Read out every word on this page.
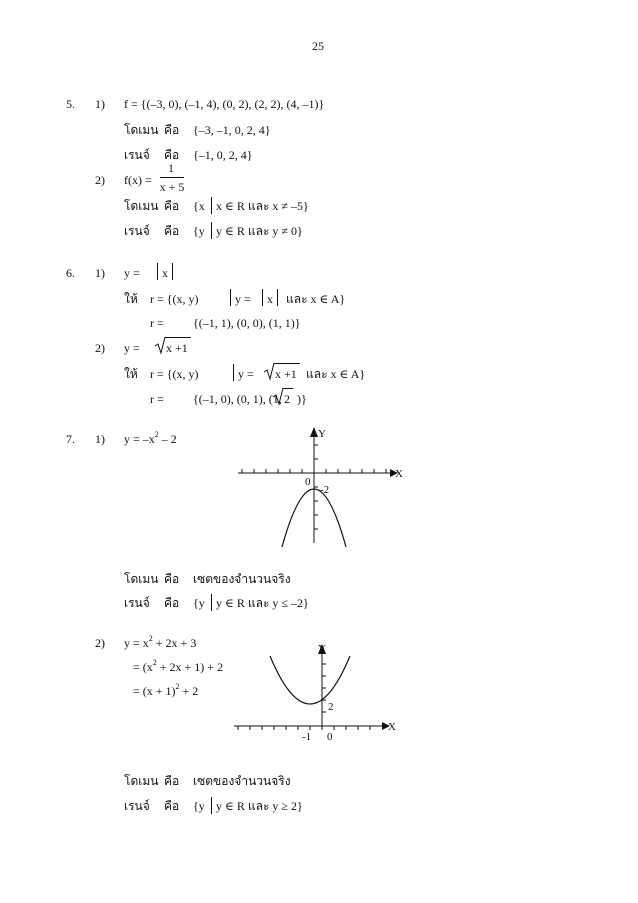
25
5. 1) f = {(–3, 0), (–1, 4), (0, 2), (2, 2), (4, –1)}
โดเมน คือ {–3, –1, 0, 2, 4}
เรนจ์ คือ {–1, 0, 2, 4}
2) f(x) =
1
x + 5
โดเมน คือ {x x ∈ R และ x ≠ –5}
เรนจ์ คือ {y y ∈ R และ y ≠ 0}
6. 1) y = x
ให้ r = {(x, y)	y = x และ x ∈ A}
r = {(–1, 1), (0, 0), (1, 1)}
2) y = x +1
ให้ r = {(x, y)	y = x +1 และ x ∈ A}
r = {(–1, 0), (0, 1), (1, 2 )}
7. 1) $y = -x^2 - 2$	Y
X
0
-2
โดเมน คือ เซตของจำนวนจริง
เรนจ์ คือ {y y ∈ R และ y ≤ –2}
2) $y = x^2 + 2x + 3$
= $(x^2 + 2x + 1) + 2$
= $(x + 1)^2 + 2$
Y
X
0
-1
2
โดเมน คือ เซตของจำนวนจริง
เรนจ์ คือ {y y ∈ R และ y ≥ 2}
